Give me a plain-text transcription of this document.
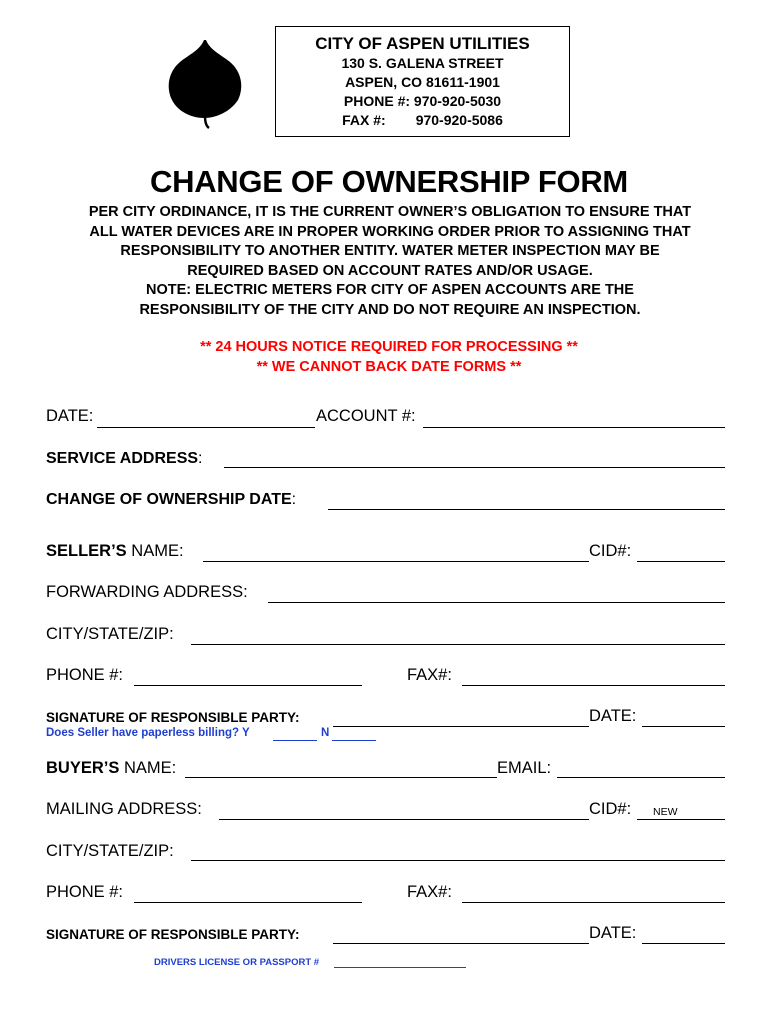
CITY OF ASPEN UTILITIES
130 S. GALENA STREET
ASPEN, CO 81611-1901
PHONE #: 970-920-5030
FAX #: 970-920-5086
CHANGE OF OWNERSHIP FORM
PER CITY ORDINANCE, IT IS THE CURRENT OWNER’S OBLIGATION TO ENSURE THAT
ALL WATER DEVICES ARE IN PROPER WORKING ORDER PRIOR TO ASSIGNING THAT
RESPONSIBILITY TO ANOTHER ENTITY. WATER METER INSPECTION MAY BE
REQUIRED BASED ON ACCOUNT RATES AND/OR USAGE.
NOTE: ELECTRIC METERS FOR CITY OF ASPEN ACCOUNTS ARE THE
RESPONSIBILITY OF THE CITY AND DO NOT REQUIRE AN INSPECTION.
** 24 HOURS NOTICE REQUIRED FOR PROCESSING **
** WE CANNOT BACK DATE FORMS **
DATE:	ACCOUNT #:
SERVICE ADDRESS:
CHANGE OF OWNERSHIP DATE:
SELLER’S NAME:	CID#:
FORWARDING ADDRESS:
CITY/STATE/ZIP:
PHONE #:	FAX#:
SIGNATURE OF RESPONSIBLE PARTY:	DATE:
Does Seller have paperless billing? Y	N
BUYER’S NAME:	EMAIL:
MAILING ADDRESS:	CID#: NEW
CITY/STATE/ZIP:
PHONE #:	FAX#:
SIGNATURE OF RESPONSIBLE PARTY:	DATE:
DRIVERS LICENSE OR PASSPORT #
